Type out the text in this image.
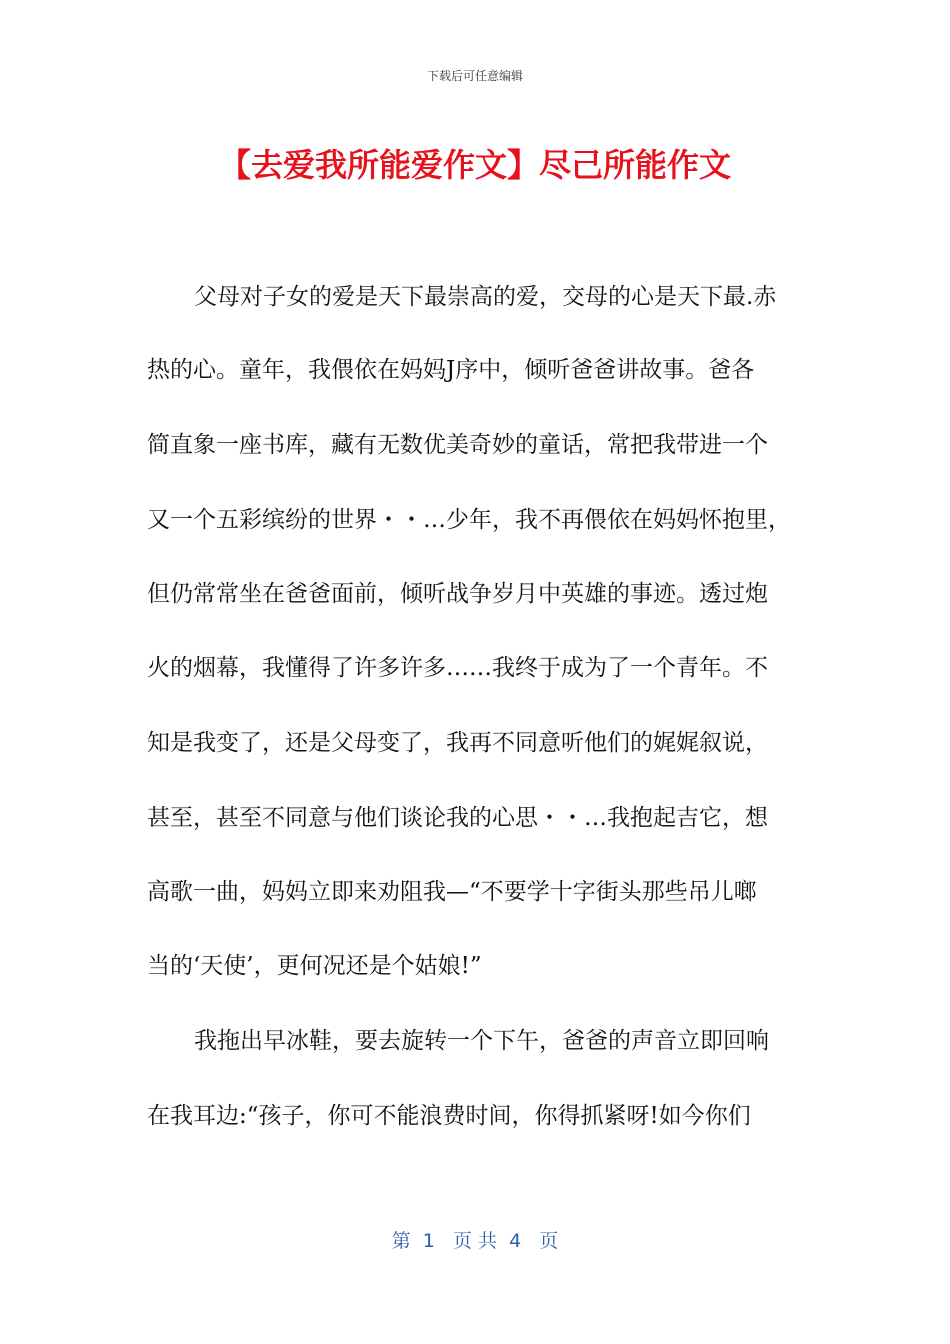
下载后可任意编辑
【去爱我所能爱作文】尽己所能作文
父母对子女的爱是天下最崇高的爱，交母的心是天下最.赤
热的心。童年，我偎依在妈妈J序中，倾听爸爸讲故事。爸各
简直象一座书库，藏有无数优美奇妙的童话，常把我带进一个
又一个五彩缤纷的世界・・…少年，我不再偎依在妈妈怀抱里，
但仍常常坐在爸爸面前，倾听战争岁月中英雄的事迹。透过炮
火的烟幕，我懂得了许多许多……我终于成为了一个青年。不
知是我变了，还是父母变了，我再不同意听他们的娓娓叙说，
甚至，甚至不同意与他们谈论我的心思・・…我抱起吉它，想
高歌一曲，妈妈立即来劝阻我—“不要学十字街头那些吊儿啷
当的‘天使’，更何况还是个姑娘!”
我拖出早冰鞋，要去旋转一个下午，爸爸的声音立即回响
在我耳边:“孩子，你可不能浪费时间，你得抓紧呀!如今你们
第  1   页 共  4   页
